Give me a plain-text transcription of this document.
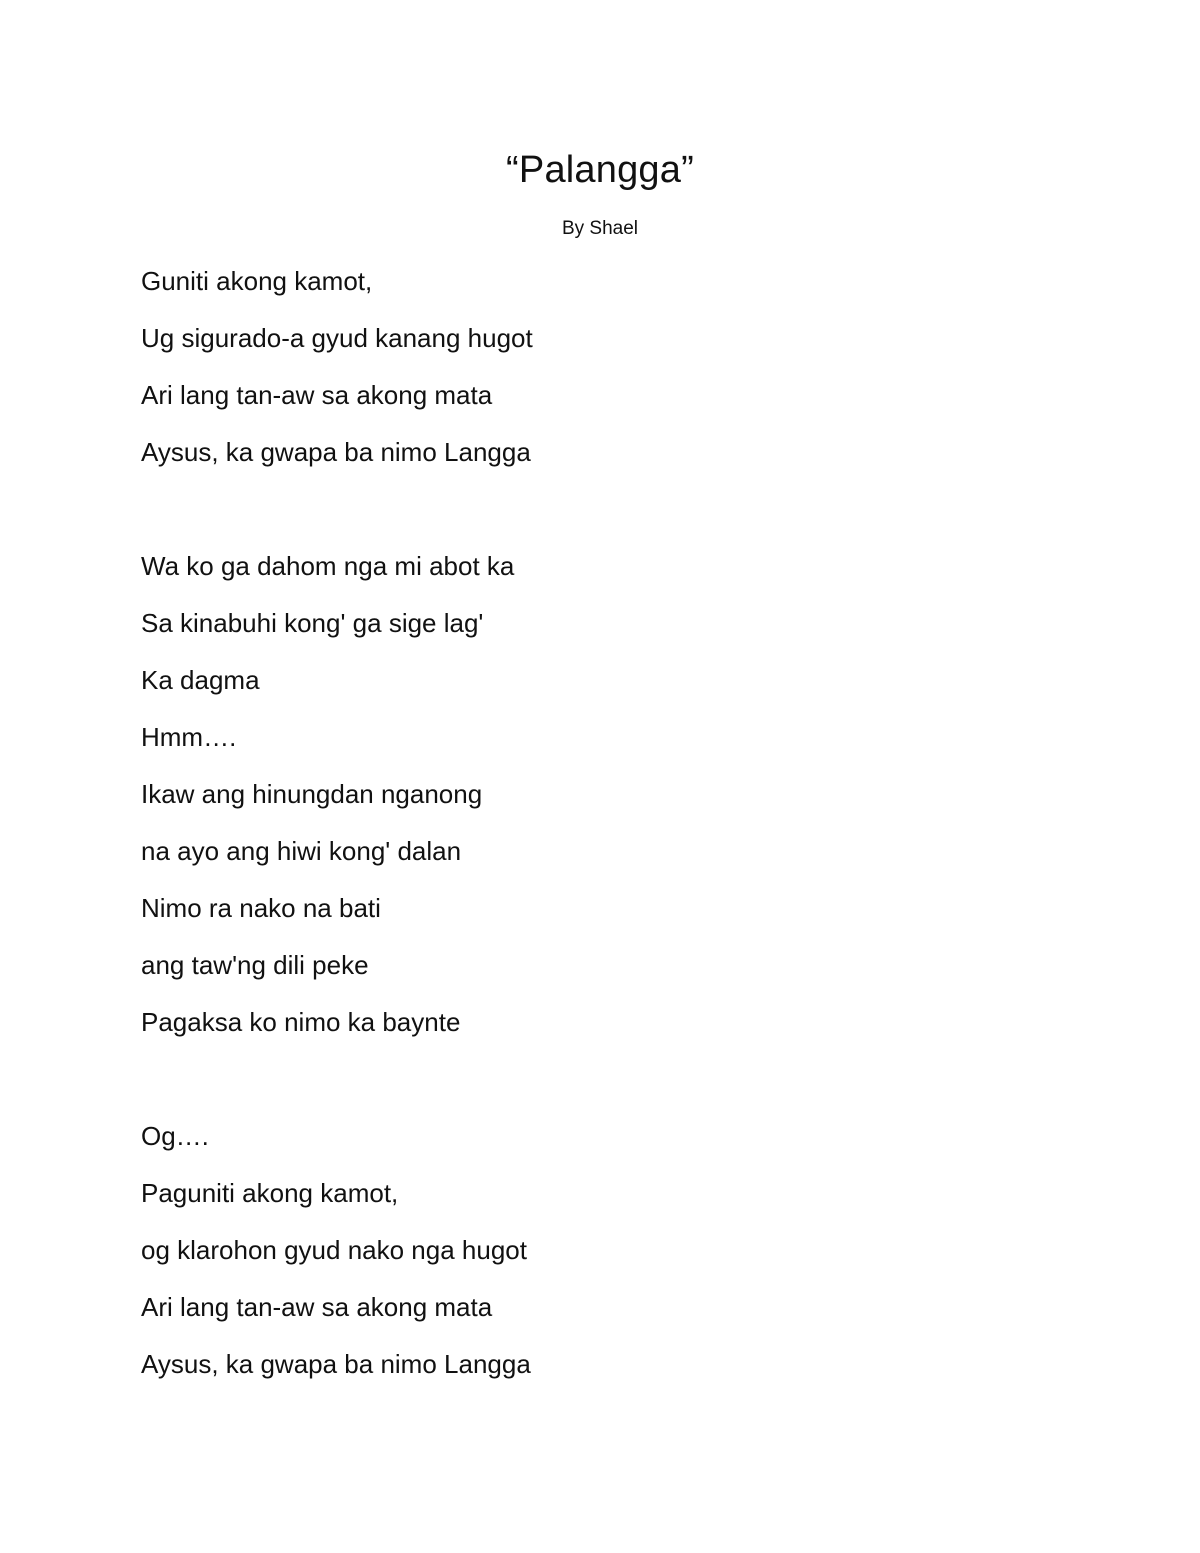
“Palangga”
By Shael
Guniti akong kamot,
Ug sigurado-a gyud kanang hugot
Ari lang tan-aw sa akong mata
Aysus, ka gwapa ba nimo Langga
Wa ko ga dahom nga mi abot ka
Sa kinabuhi kong' ga sige lag'
Ka dagma
Hmm….
Ikaw ang hinungdan nganong
na ayo ang hiwi kong' dalan
Nimo ra nako na bati
ang taw'ng dili peke
Pagaksa ko nimo ka baynte
Og….
Paguniti akong kamot,
og klarohon gyud nako nga hugot
Ari lang tan-aw sa akong mata
Aysus, ka gwapa ba nimo Langga
